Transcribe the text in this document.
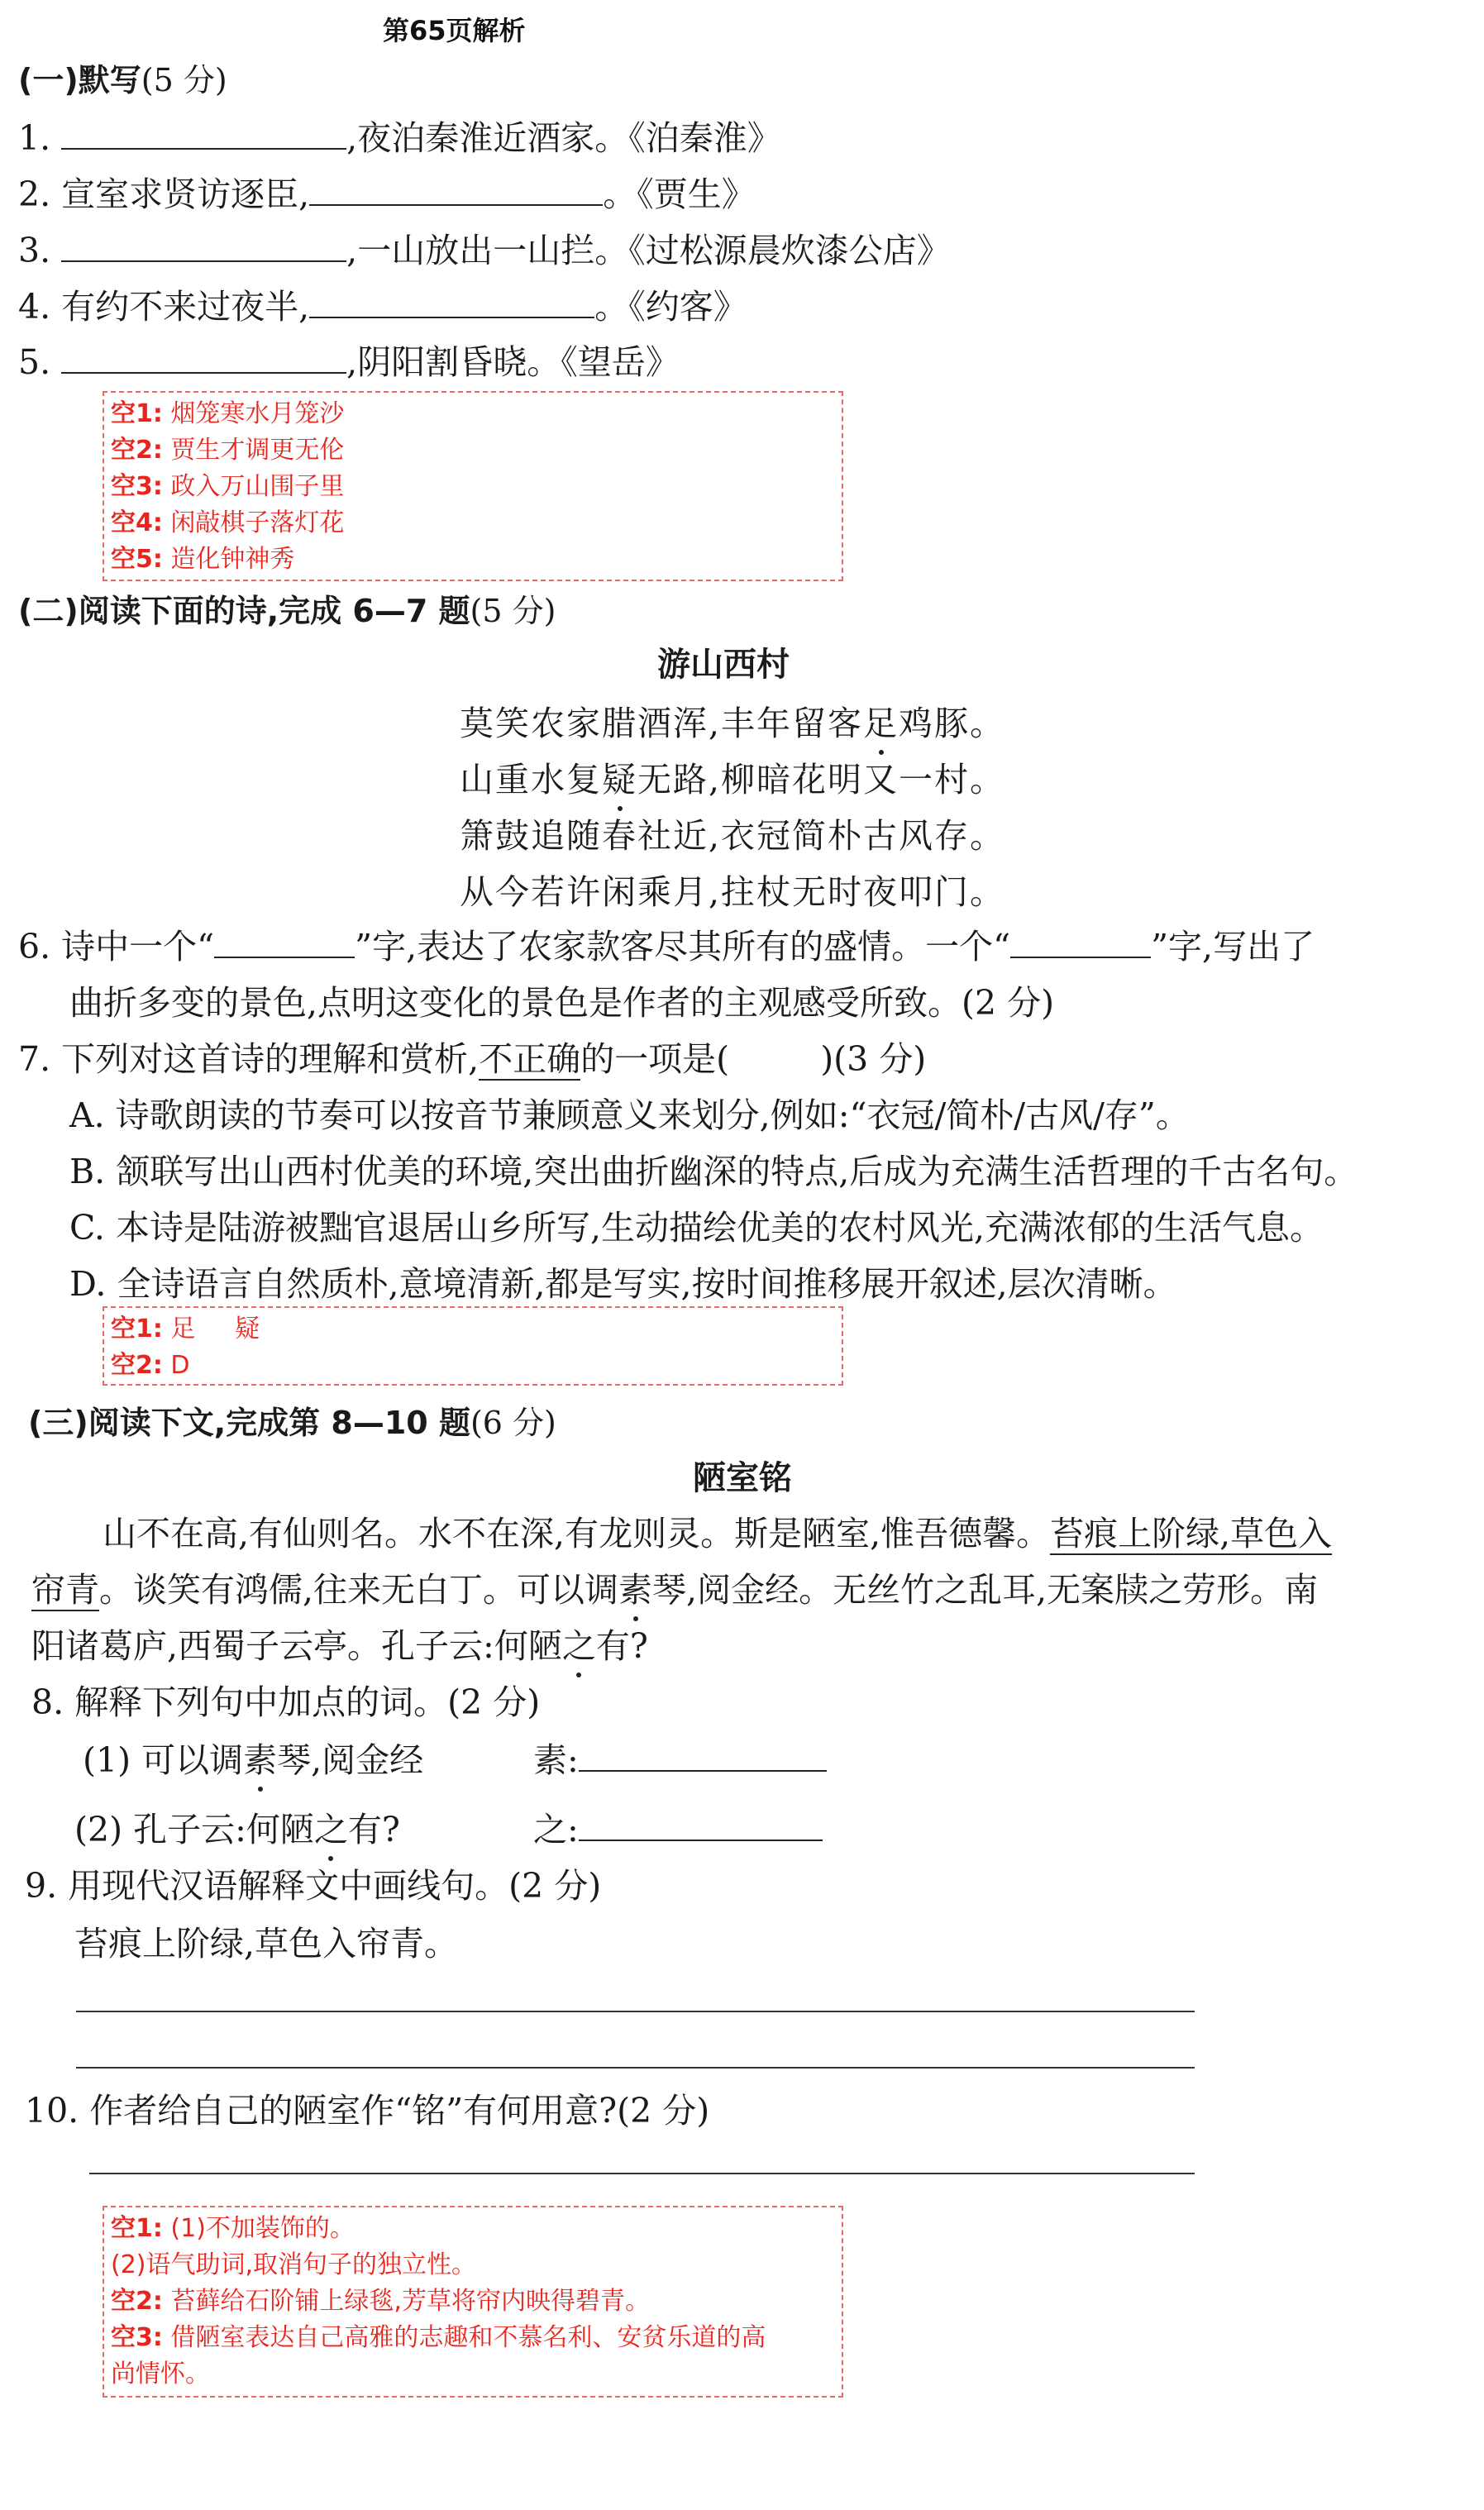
第65页解析
(一)默写(5 分)
1.	,夜泊秦淮近酒家。《泊秦淮》
2. 宣室求贤访逐臣,	。《贾生》
3.	,一山放出一山拦。《过松源晨炊漆公店》
4. 有约不来过夜半,	。《约客》
5.	,阴阳割昏晓。《望岳》
空1: 烟笼寒水月笼沙
空2: 贾生才调更无伦
空3: 政入万山围子里
空4: 闲敲棋子落灯花
空5: 造化钟神秀
(二)阅读下面的诗,完成 6—7 题(5 分)
游山西村
莫笑农家腊酒浑,丰年留客足鸡豚。
山重水复疑无路,柳暗花明又一村。
箫鼓追随春社近,衣冠简朴古风存。
从今若许闲乘月,拄杖无时夜叩门。
6. 诗中一个“	”字,表达了农家款客尽其所有的盛情。一个“	”字,写出了
曲折多变的景色,点明这变化的景色是作者的主观感受所致。(2 分)
7. 下列对这首诗的理解和赏析,不正确的一项是(	)(3 分)
A. 诗歌朗读的节奏可以按音节兼顾意义来划分,例如:“衣冠/简朴/古风/存”。
B. 颔联写出山西村优美的环境,突出曲折幽深的特点,后成为充满生活哲理的千古名句。
C. 本诗是陆游被黜官退居山乡所写,生动描绘优美的农村风光,充满浓郁的生活气息。
D. 全诗语言自然质朴,意境清新,都是写实,按时间推移展开叙述,层次清晰。
空1: 足     疑
空2: D
(三)阅读下文,完成第 8—10 题(6 分)
陋室铭
山不在高,有仙则名。水不在深,有龙则灵。斯是陋室,惟吾德馨。苔痕上阶绿,草色入
帘青。谈笑有鸿儒,往来无白丁。可以调素琴,阅金经。无丝竹之乱耳,无案牍之劳形。南
阳诸葛庐,西蜀子云亭。孔子云:何陋之有?
8. 解释下列句中加点的词。(2 分)
(1) 可以调素琴,阅金经	素:
(2) 孔子云:何陋之有?	之:
9. 用现代汉语解释文中画线句。(2 分)
苔痕上阶绿,草色入帘青。
10. 作者给自己的陋室作“铭”有何用意?(2 分)
空1: (1)不加装饰的。
(2)语气助词,取消句子的独立性。
空2: 苔藓给石阶铺上绿毯,芳草将帘内映得碧青。
空3: 借陋室表达自己高雅的志趣和不慕名利、安贫乐道的高
尚情怀。
